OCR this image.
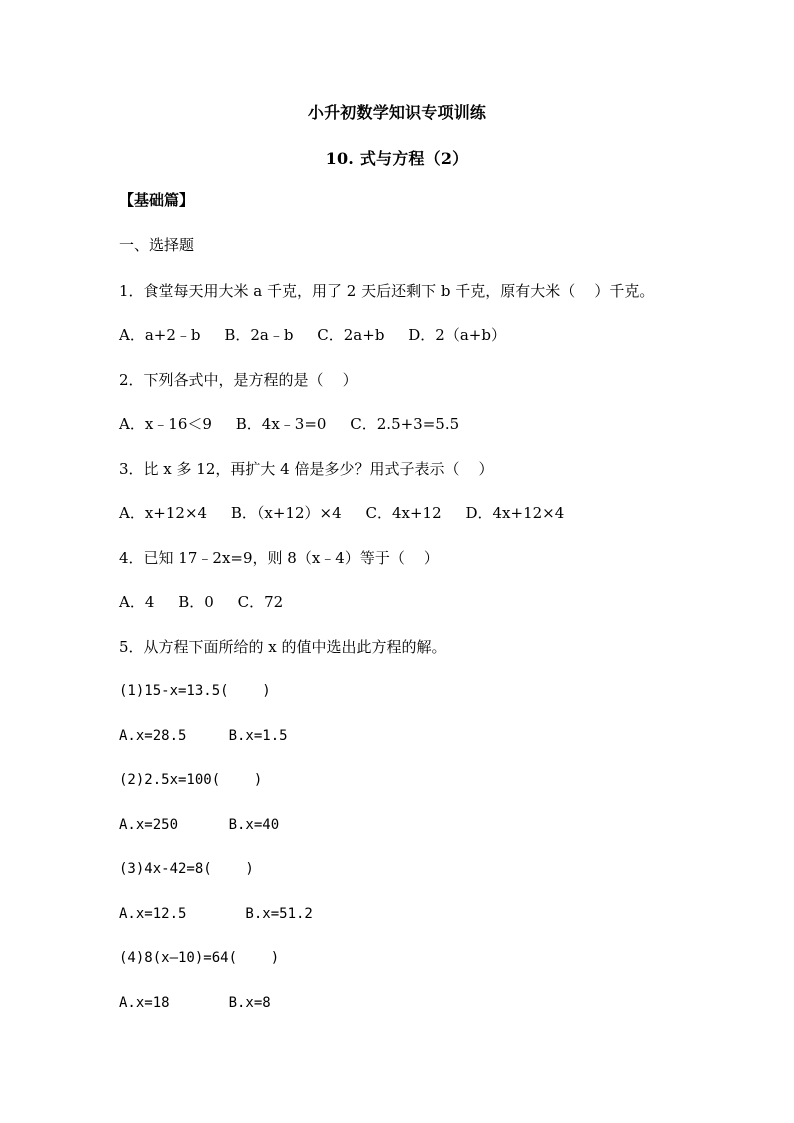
小升初数学知识专项训练
10. 式与方程（2）
【基础篇】
一、选择题
1．食堂每天用大米 a 千克，用了 2 天后还剩下 b 千克，原有大米（    ）千克。
A．a+2﹣b     B．2a﹣b     C．2a+b     D．2（a+b）
2．下列各式中，是方程的是（    ）
A．x﹣16＜9     B．4x﹣3=0     C．2.5+3=5.5
3．比 x 多 12，再扩大 4 倍是多少？用式子表示（    ）
A．x+12×4     B．（x+12）×4     C．4x+12     D．4x+12×4
4．已知 17﹣2x=9，则 8（x﹣4）等于（    ）
A．4     B．0     C．72
5．从方程下面所给的 x 的值中选出此方程的解。
(1)15-x=13.5(    )
A.x=28.5     B.x=1.5
(2)2.5x=100(    )
A.x=250      B.x=40
(3)4x-42=8(    )
A.x=12.5       B.x=51.2
(4)8(x—10)=64(    )
A.x=18       B.x=8
